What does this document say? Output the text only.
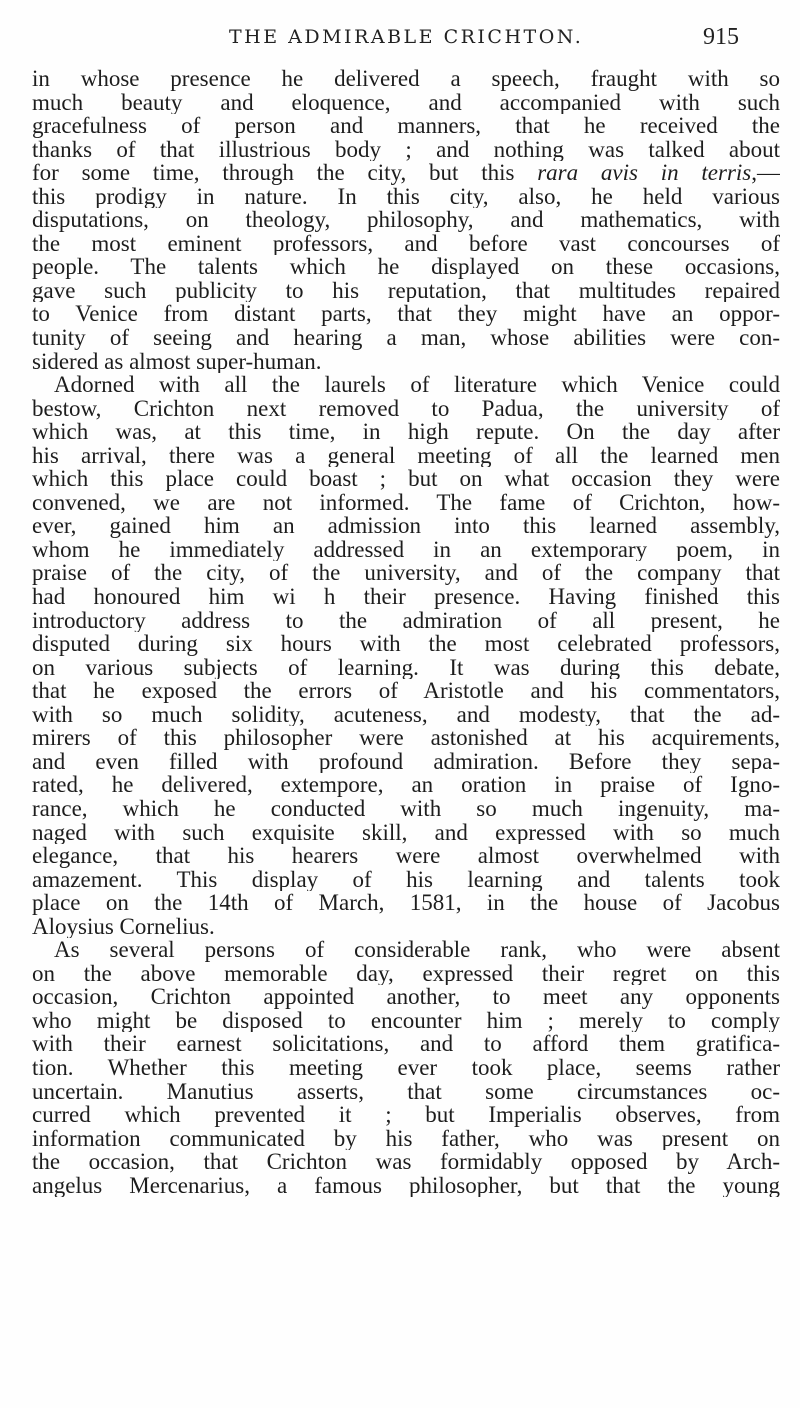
THE ADMIRABLE CRICHTON.	915
in whose presence he delivered a speech, fraught with so
much beauty and eloquence, and accompanied with such
gracefulness of person and manners, that he received the
thanks of that illustrious body ; and nothing was talked about
for some time, through the city, but this rara avis in terris,—
this prodigy in nature. In this city, also, he held various
disputations, on theology, philosophy, and mathematics, with
the most eminent professors, and before vast concourses of
people. The talents which he displayed on these occasions,
gave such publicity to his reputation, that multitudes repaired
to Venice from distant parts, that they might have an oppor-
tunity of seeing and hearing a man, whose abilities were con-
sidered as almost super-human.
Adorned with all the laurels of literature which Venice could
bestow, Crichton next removed to Padua, the university of
which was, at this time, in high repute. On the day after
his arrival, there was a general meeting of all the learned men
which this place could boast ; but on what occasion they were
convened, we are not informed. The fame of Crichton, how-
ever, gained him an admission into this learned assembly,
whom he immediately addressed in an extemporary poem, in
praise of the city, of the university, and of the company that
had honoured him wi h their presence. Having finished this
introductory address to the admiration of all present, he
disputed during six hours with the most celebrated professors,
on various subjects of learning. It was during this debate,
that he exposed the errors of Aristotle and his commentators,
with so much solidity, acuteness, and modesty, that the ad-
mirers of this philosopher were astonished at his acquirements,
and even filled with profound admiration. Before they sepa-
rated, he delivered, extempore, an oration in praise of Igno-
rance, which he conducted with so much ingenuity, ma-
naged with such exquisite skill, and expressed with so much
elegance, that his hearers were almost overwhelmed with
amazement. This display of his learning and talents took
place on the 14th of March, 1581, in the house of Jacobus
Aloysius Cornelius.
As several persons of considerable rank, who were absent
on the above memorable day, expressed their regret on this
occasion, Crichton appointed another, to meet any opponents
who might be disposed to encounter him ; merely to comply
with their earnest solicitations, and to afford them gratifica-
tion. Whether this meeting ever took place, seems rather
uncertain. Manutius asserts, that some circumstances oc-
curred which prevented it ; but Imperialis observes, from
information communicated by his father, who was present on
the occasion, that Crichton was formidably opposed by Arch-
angelus Mercenarius, a famous philosopher, but that the young
